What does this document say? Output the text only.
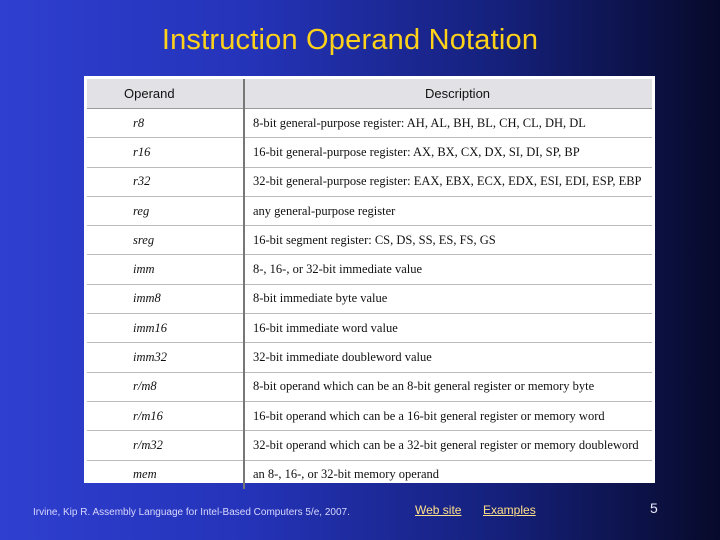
Instruction Operand Notation
Operand	Description
r8	8-bit general-purpose register: AH, AL, BH, BL, CH, CL, DH, DL
r16	16-bit general-purpose register: AX, BX, CX, DX, SI, DI, SP, BP
r32	32-bit general-purpose register: EAX, EBX, ECX, EDX, ESI, EDI, ESP, EBP
reg	any general-purpose register
sreg	16-bit segment register: CS, DS, SS, ES, FS, GS
imm	8-, 16-, or 32-bit immediate value
imm8	8-bit immediate byte value
imm16	16-bit immediate word value
imm32	32-bit immediate doubleword value
r/m8	8-bit operand which can be an 8-bit general register or memory byte
r/m16	16-bit operand which can be a 16-bit general register or memory word
r/m32	32-bit operand which can be a 32-bit general register or memory doubleword
mem	an 8-, 16-, or 32-bit memory operand
Irvine, Kip R. Assembly Language for Intel-Based Computers 5/e, 2007.	Web site Examples	5
